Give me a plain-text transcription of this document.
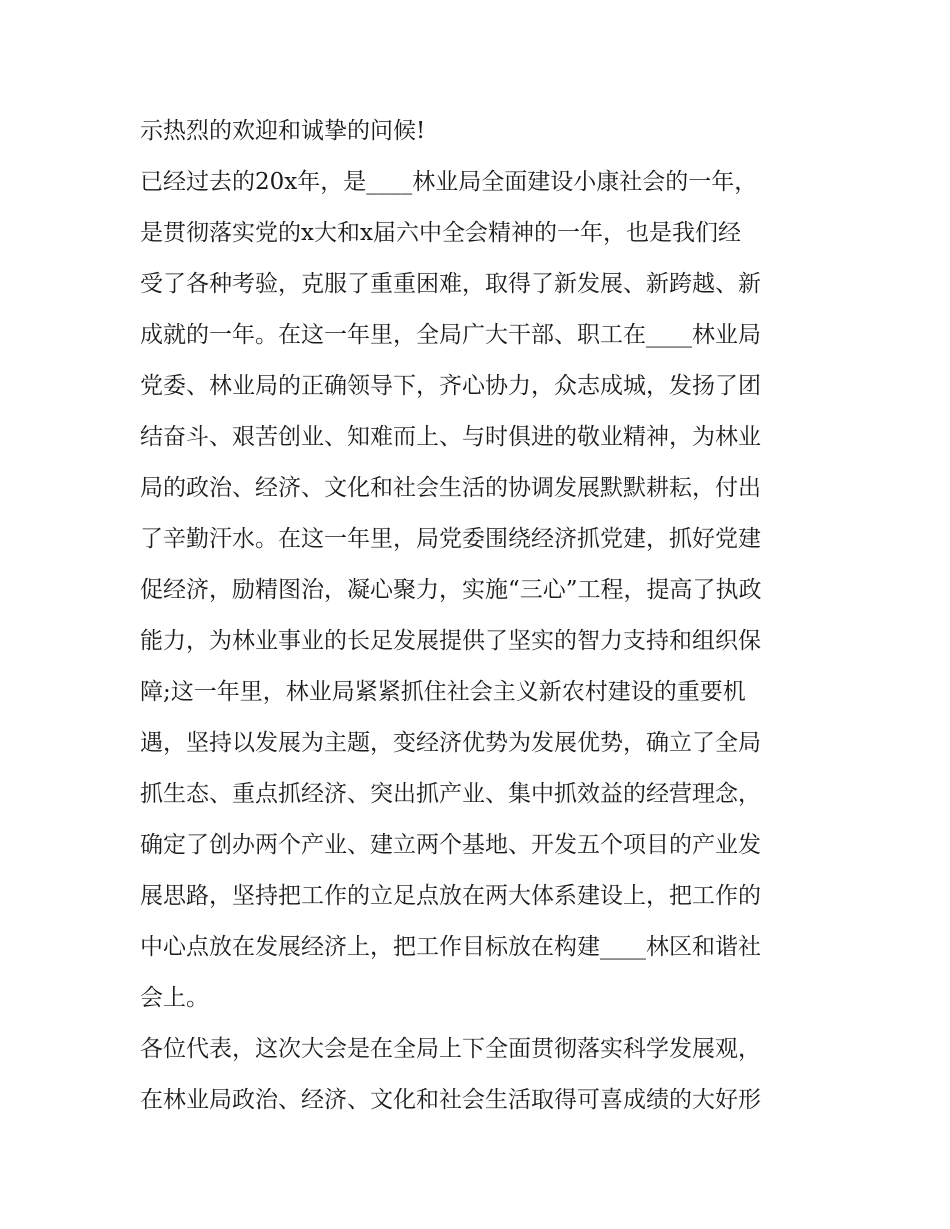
示热烈的欢迎和诚挚的问候!
已经过去的20x年，是____林业局全面建设小康社会的一年，
是贯彻落实党的x大和x届六中全会精神的一年，也是我们经
受了各种考验，克服了重重困难，取得了新发展、新跨越、新
成就的一年。在这一年里，全局广大干部、职工在____林业局
党委、林业局的正确领导下，齐心协力，众志成城，发扬了团
结奋斗、艰苦创业、知难而上、与时俱进的敬业精神，为林业
局的政治、经济、文化和社会生活的协调发展默默耕耘，付出
了辛勤汗水。在这一年里，局党委围绕经济抓党建，抓好党建
促经济，励精图治，凝心聚力，实施“三心”工程，提高了执政
能力，为林业事业的长足发展提供了坚实的智力支持和组织保
障;这一年里，林业局紧紧抓住社会主义新农村建设的重要机
遇，坚持以发展为主题，变经济优势为发展优势，确立了全局
抓生态、重点抓经济、突出抓产业、集中抓效益的经营理念，
确定了创办两个产业、建立两个基地、开发五个项目的产业发
展思路，坚持把工作的立足点放在两大体系建设上，把工作的
中心点放在发展经济上，把工作目标放在构建____林区和谐社
会上。
各位代表，这次大会是在全局上下全面贯彻落实科学发展观，
在林业局政治、经济、文化和社会生活取得可喜成绩的大好形
